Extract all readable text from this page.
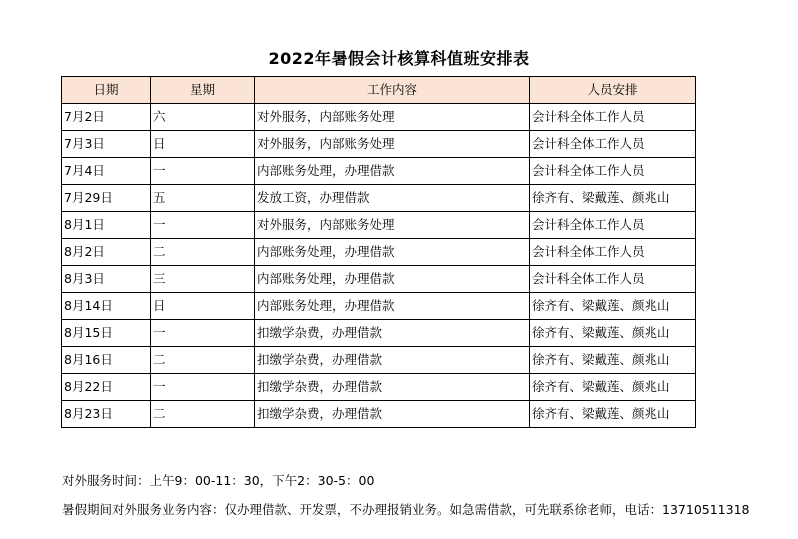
2022年暑假会计核算科值班安排表
日期	星期	工作内容	人员安排
7月2日	六	对外服务，内部账务处理	会计科全体工作人员
7月3日	日	对外服务，内部账务处理	会计科全体工作人员
7月4日	一	内部账务处理，办理借款	会计科全体工作人员
7月29日	五	发放工资，办理借款	徐齐有、梁戴莲、颜兆山
8月1日	一	对外服务，内部账务处理	会计科全体工作人员
8月2日	二	内部账务处理，办理借款	会计科全体工作人员
8月3日	三	内部账务处理，办理借款	会计科全体工作人员
8月14日	日	内部账务处理，办理借款	徐齐有、梁戴莲、颜兆山
8月15日	一	扣缴学杂费，办理借款	徐齐有、梁戴莲、颜兆山
8月16日	二	扣缴学杂费，办理借款	徐齐有、梁戴莲、颜兆山
8月22日	一	扣缴学杂费，办理借款	徐齐有、梁戴莲、颜兆山
8月23日	二	扣缴学杂费，办理借款	徐齐有、梁戴莲、颜兆山
对外服务时间：上午9：00-11：30，下午2：30-5：00
暑假期间对外服务业务内容：仅办理借款、开发票，不办理报销业务。如急需借款，可先联系徐老师，电话：13710511318
